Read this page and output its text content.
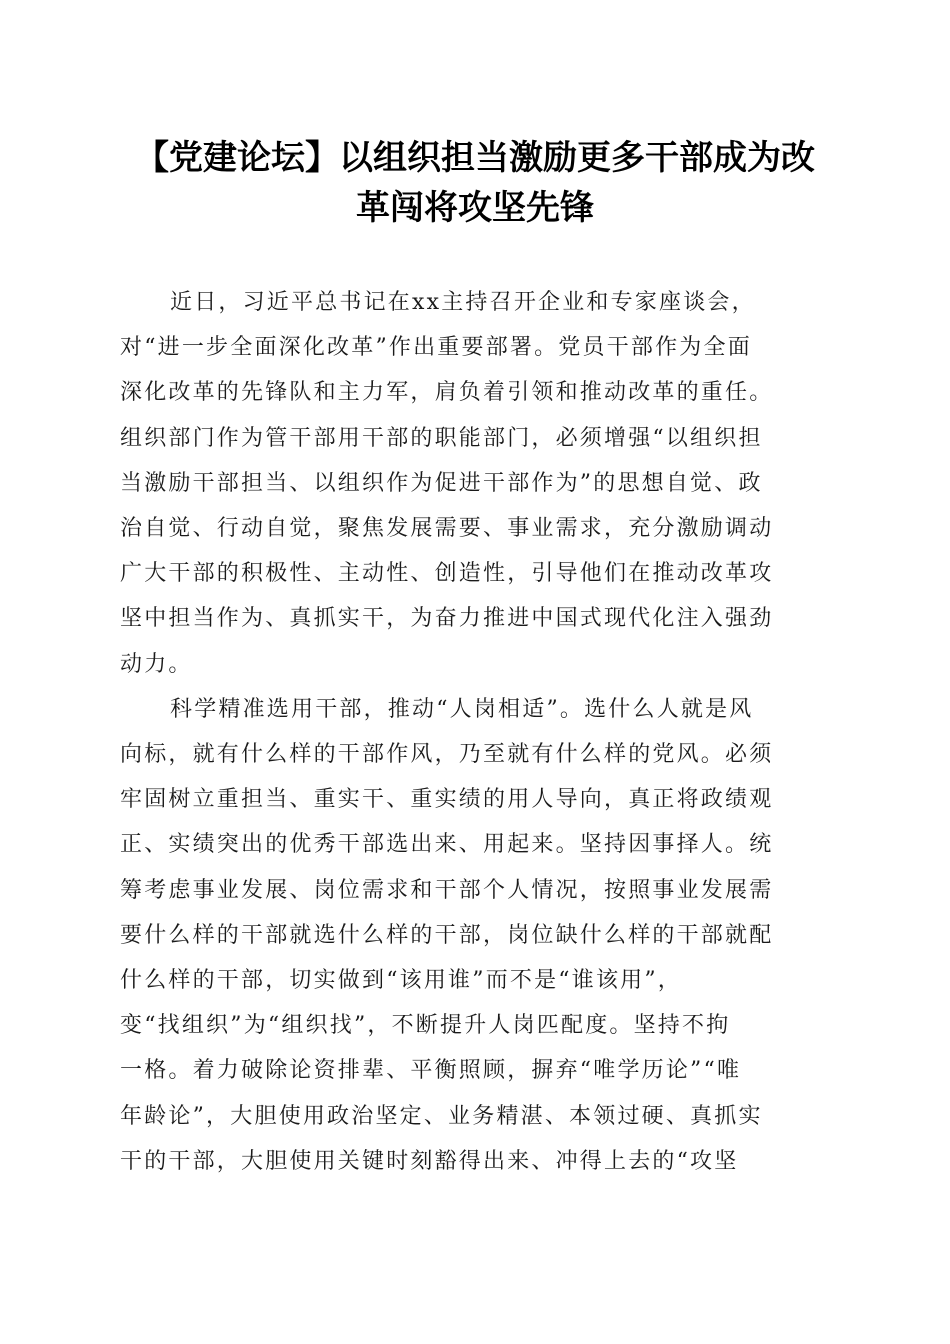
【党建论坛】以组织担当激励更多干部成为改
革闯将攻坚先锋
近日，习近平总书记在xx主持召开企业和专家座谈会，
对“进一步全面深化改革”作出重要部署。党员干部作为全面
深化改革的先锋队和主力军，肩负着引领和推动改革的重任。
组织部门作为管干部用干部的职能部门，必须增强“以组织担
当激励干部担当、以组织作为促进干部作为”的思想自觉、政
治自觉、行动自觉，聚焦发展需要、事业需求，充分激励调动
广大干部的积极性、主动性、创造性，引导他们在推动改革攻
坚中担当作为、真抓实干，为奋力推进中国式现代化注入强劲
动力。
科学精准选用干部，推动“人岗相适”。选什么人就是风
向标，就有什么样的干部作风，乃至就有什么样的党风。必须
牢固树立重担当、重实干、重实绩的用人导向，真正将政绩观
正、实绩突出的优秀干部选出来、用起来。坚持因事择人。统
筹考虑事业发展、岗位需求和干部个人情况，按照事业发展需
要什么样的干部就选什么样的干部，岗位缺什么样的干部就配
什么样的干部，切实做到“该用谁”而不是“谁该用”，
变“找组织”为“组织找”，不断提升人岗匹配度。坚持不拘
一格。着力破除论资排辈、平衡照顾，摒弃“唯学历论”“唯
年龄论”，大胆使用政治坚定、业务精湛、本领过硬、真抓实
干的干部，大胆使用关键时刻豁得出来、冲得上去的“攻坚
